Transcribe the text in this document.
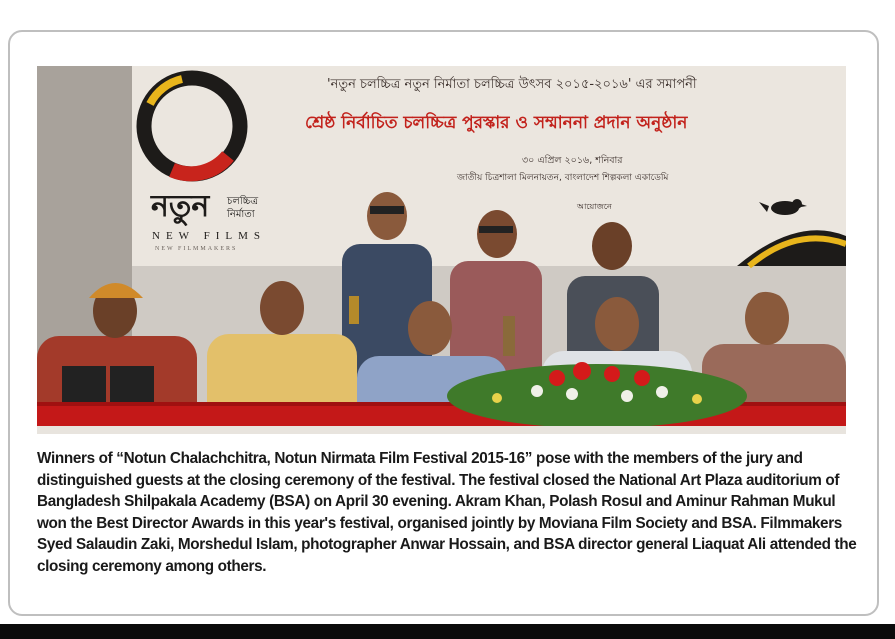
নতুন চলচ্চিত্র
নির্মাতা
NEW FILMS
NEW FILMMAKERS
'নতুন চলচ্চিত্র নতুন নির্মাতা চলচ্চিত্র উৎসব ২০১৫-২০১৬' এর সমাপনী
শ্রেষ্ঠ নির্বাচিত চলচ্চিত্র পুরস্কার ও সম্মাননা প্রদান অনুষ্ঠান
৩০ এপ্রিল ২০১৬, শনিবার
জাতীয় চিত্রশালা মিলনায়তন, বাংলাদেশ শিল্পকলা একাডেমি
আয়োজনে

Winners of “Notun Chalachchitra, Notun Nirmata Film Festival 2015-16” pose with the members of the jury and distinguished guests at the closing ceremony of the festival. The festival closed the National Art Plaza auditorium of Bangladesh Shilpakala Academy (BSA) on April 30 evening. Akram Khan, Polash Rosul and Aminur Rahman Mukul won the Best Director Awards in this year's festival, organised jointly by Moviana Film Society and BSA. Filmmakers Syed Salaudin Zaki, Morshedul Islam, photographer Anwar Hossain, and BSA director general Liaquat Ali attended the closing ceremony among others.
